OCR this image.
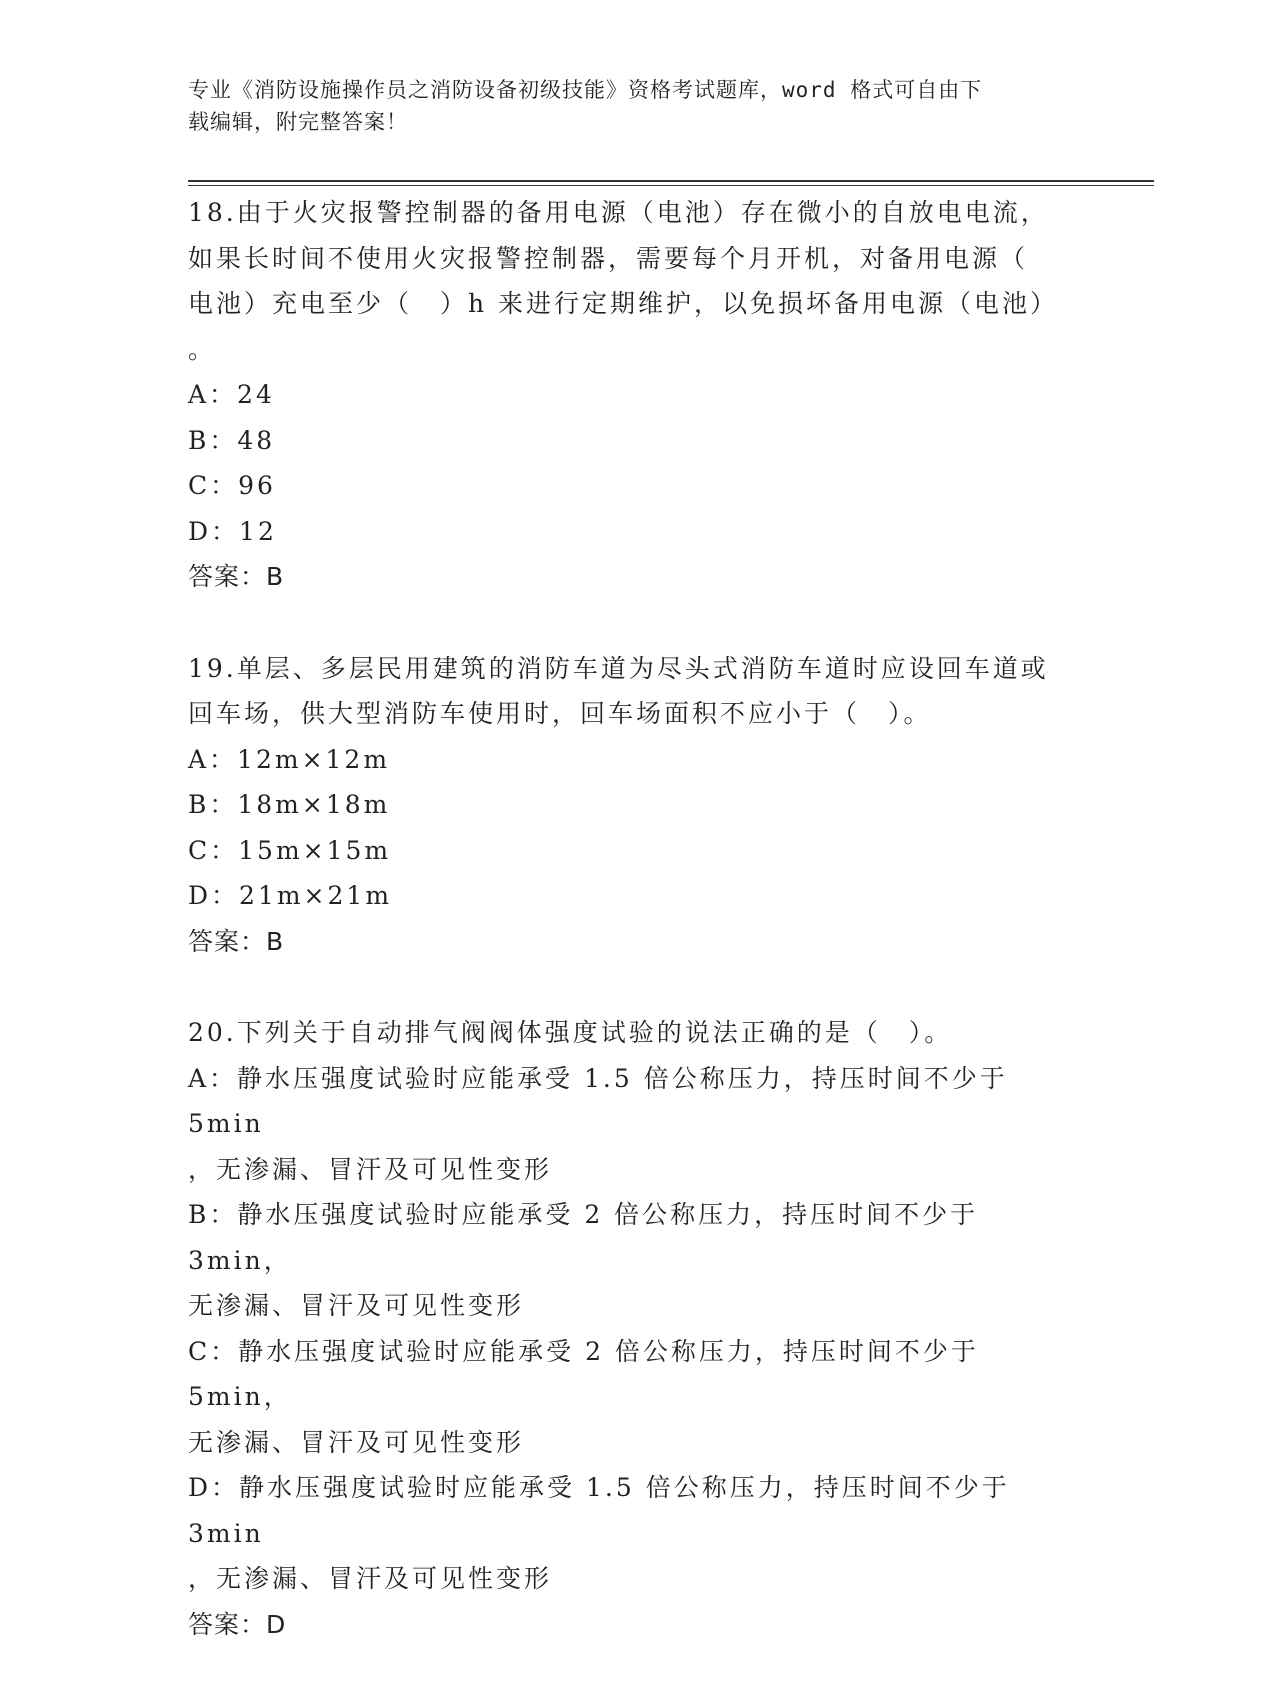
专业《消防设施操作员之消防设备初级技能》资格考试题库，word 格式可自由下
载编辑，附完整答案！

18.由于火灾报警控制器的备用电源（电池）存在微小的自放电电流，
如果长时间不使用火灾报警控制器，需要每个月开机，对备用电源（
电池）充电至少（　）h 来进行定期维护，以免损坏备用电源（电池）
。

A：24

B：48

C：96

D：12

答案：B

19.单层、多层民用建筑的消防车道为尽头式消防车道时应设回车道或
回车场，供大型消防车使用时，回车场面积不应小于（　）。

A：12m×12m

B：18m×18m

C：15m×15m

D：21m×21m

答案：B

20.下列关于自动排气阀阀体强度试验的说法正确的是（　）。

A：静水压强度试验时应能承受 1.5 倍公称压力，持压时间不少于 5min
，无渗漏、冒汗及可见性变形

B：静水压强度试验时应能承受 2 倍公称压力，持压时间不少于 3min，
无渗漏、冒汗及可见性变形

C：静水压强度试验时应能承受 2 倍公称压力，持压时间不少于 5min，
无渗漏、冒汗及可见性变形

D：静水压强度试验时应能承受 1.5 倍公称压力，持压时间不少于 3min
，无渗漏、冒汗及可见性变形

答案：D
